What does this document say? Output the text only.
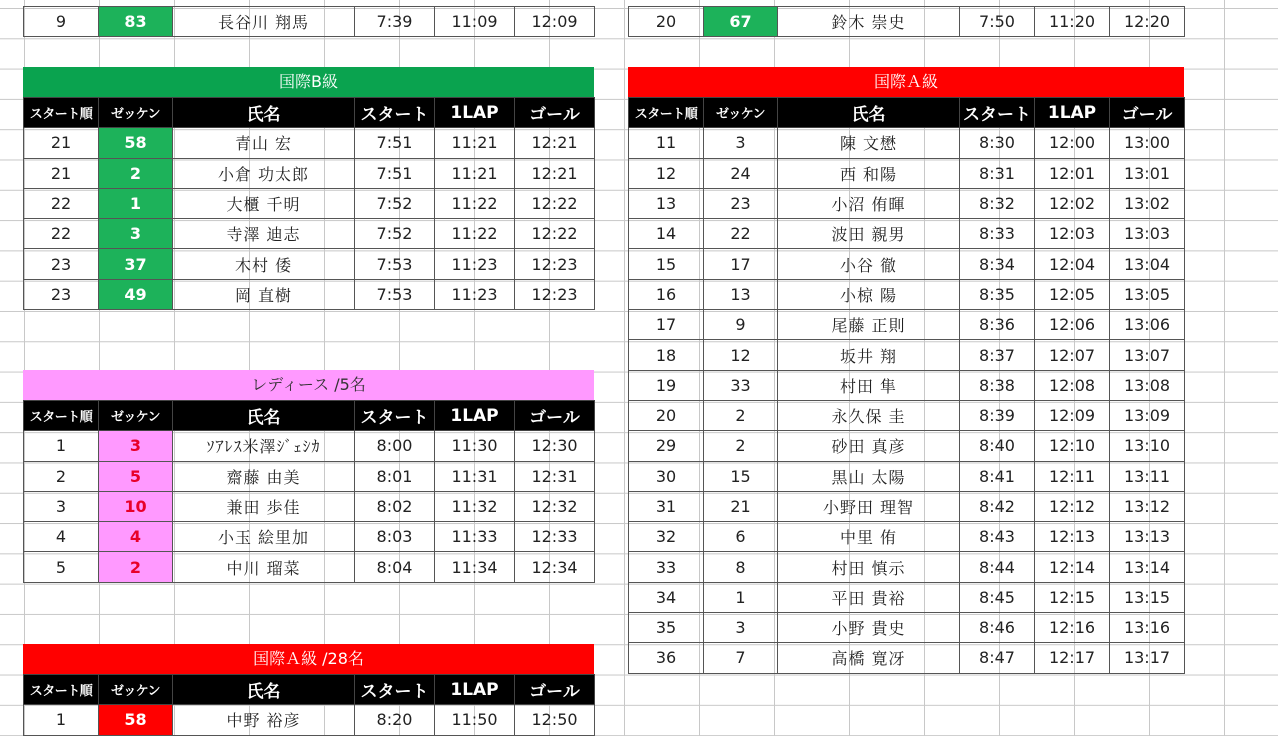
9	83	長谷川 翔馬	7:39	11:09	12:09
国際B級
スタート順	ゼッケン	氏名	スタート	1LAP	ゴール
21	58	青山 宏	7:51	11:21	12:21
21	2	小倉 功太郎	7:51	11:21	12:21
22	1	大櫃 千明	7:52	11:22	12:22
22	3	寺澤 迪志	7:52	11:22	12:22
23	37	木村 倭	7:53	11:23	12:23
23	49	岡 直樹	7:53	11:23	12:23
レディース /5名
スタート順	ゼッケン	氏名	スタート	1LAP	ゴール
1	3	ｿｱﾚｽ米澤ｼﾞｪｼｶ	8:00	11:30	12:30
2	5	齋藤 由美	8:01	11:31	12:31
3	10	兼田 歩佳	8:02	11:32	12:32
4	4	小玉 絵里加	8:03	11:33	12:33
5	2	中川 瑠菜	8:04	11:34	12:34
国際Ａ級 /28名
スタート順	ゼッケン	氏名	スタート	1LAP	ゴール
1	58	中野 裕彦	8:20	11:50	12:50
20	67	鈴木 崇史	7:50	11:20	12:20
国際Ａ級
スタート順	ゼッケン	氏名	スタート	1LAP	ゴール
11	3	陳 文懋	8:30	12:00	13:00
12	24	西 和陽	8:31	12:01	13:01
13	23	小沼 侑暉	8:32	12:02	13:02
14	22	波田 親男	8:33	12:03	13:03
15	17	小谷 徹	8:34	12:04	13:04
16	13	小椋 陽	8:35	12:05	13:05
17	9	尾藤 正則	8:36	12:06	13:06
18	12	坂井 翔	8:37	12:07	13:07
19	33	村田 隼	8:38	12:08	13:08
20	2	永久保 圭	8:39	12:09	13:09
29	2	砂田 真彦	8:40	12:10	13:10
30	15	黒山 太陽	8:41	12:11	13:11
31	21	小野田 理智	8:42	12:12	13:12
32	6	中里 侑	8:43	12:13	13:13
33	8	村田 慎示	8:44	12:14	13:14
34	1	平田 貴裕	8:45	12:15	13:15
35	3	小野 貴史	8:46	12:16	13:16
36	7	高橋 寛冴	8:47	12:17	13:17
